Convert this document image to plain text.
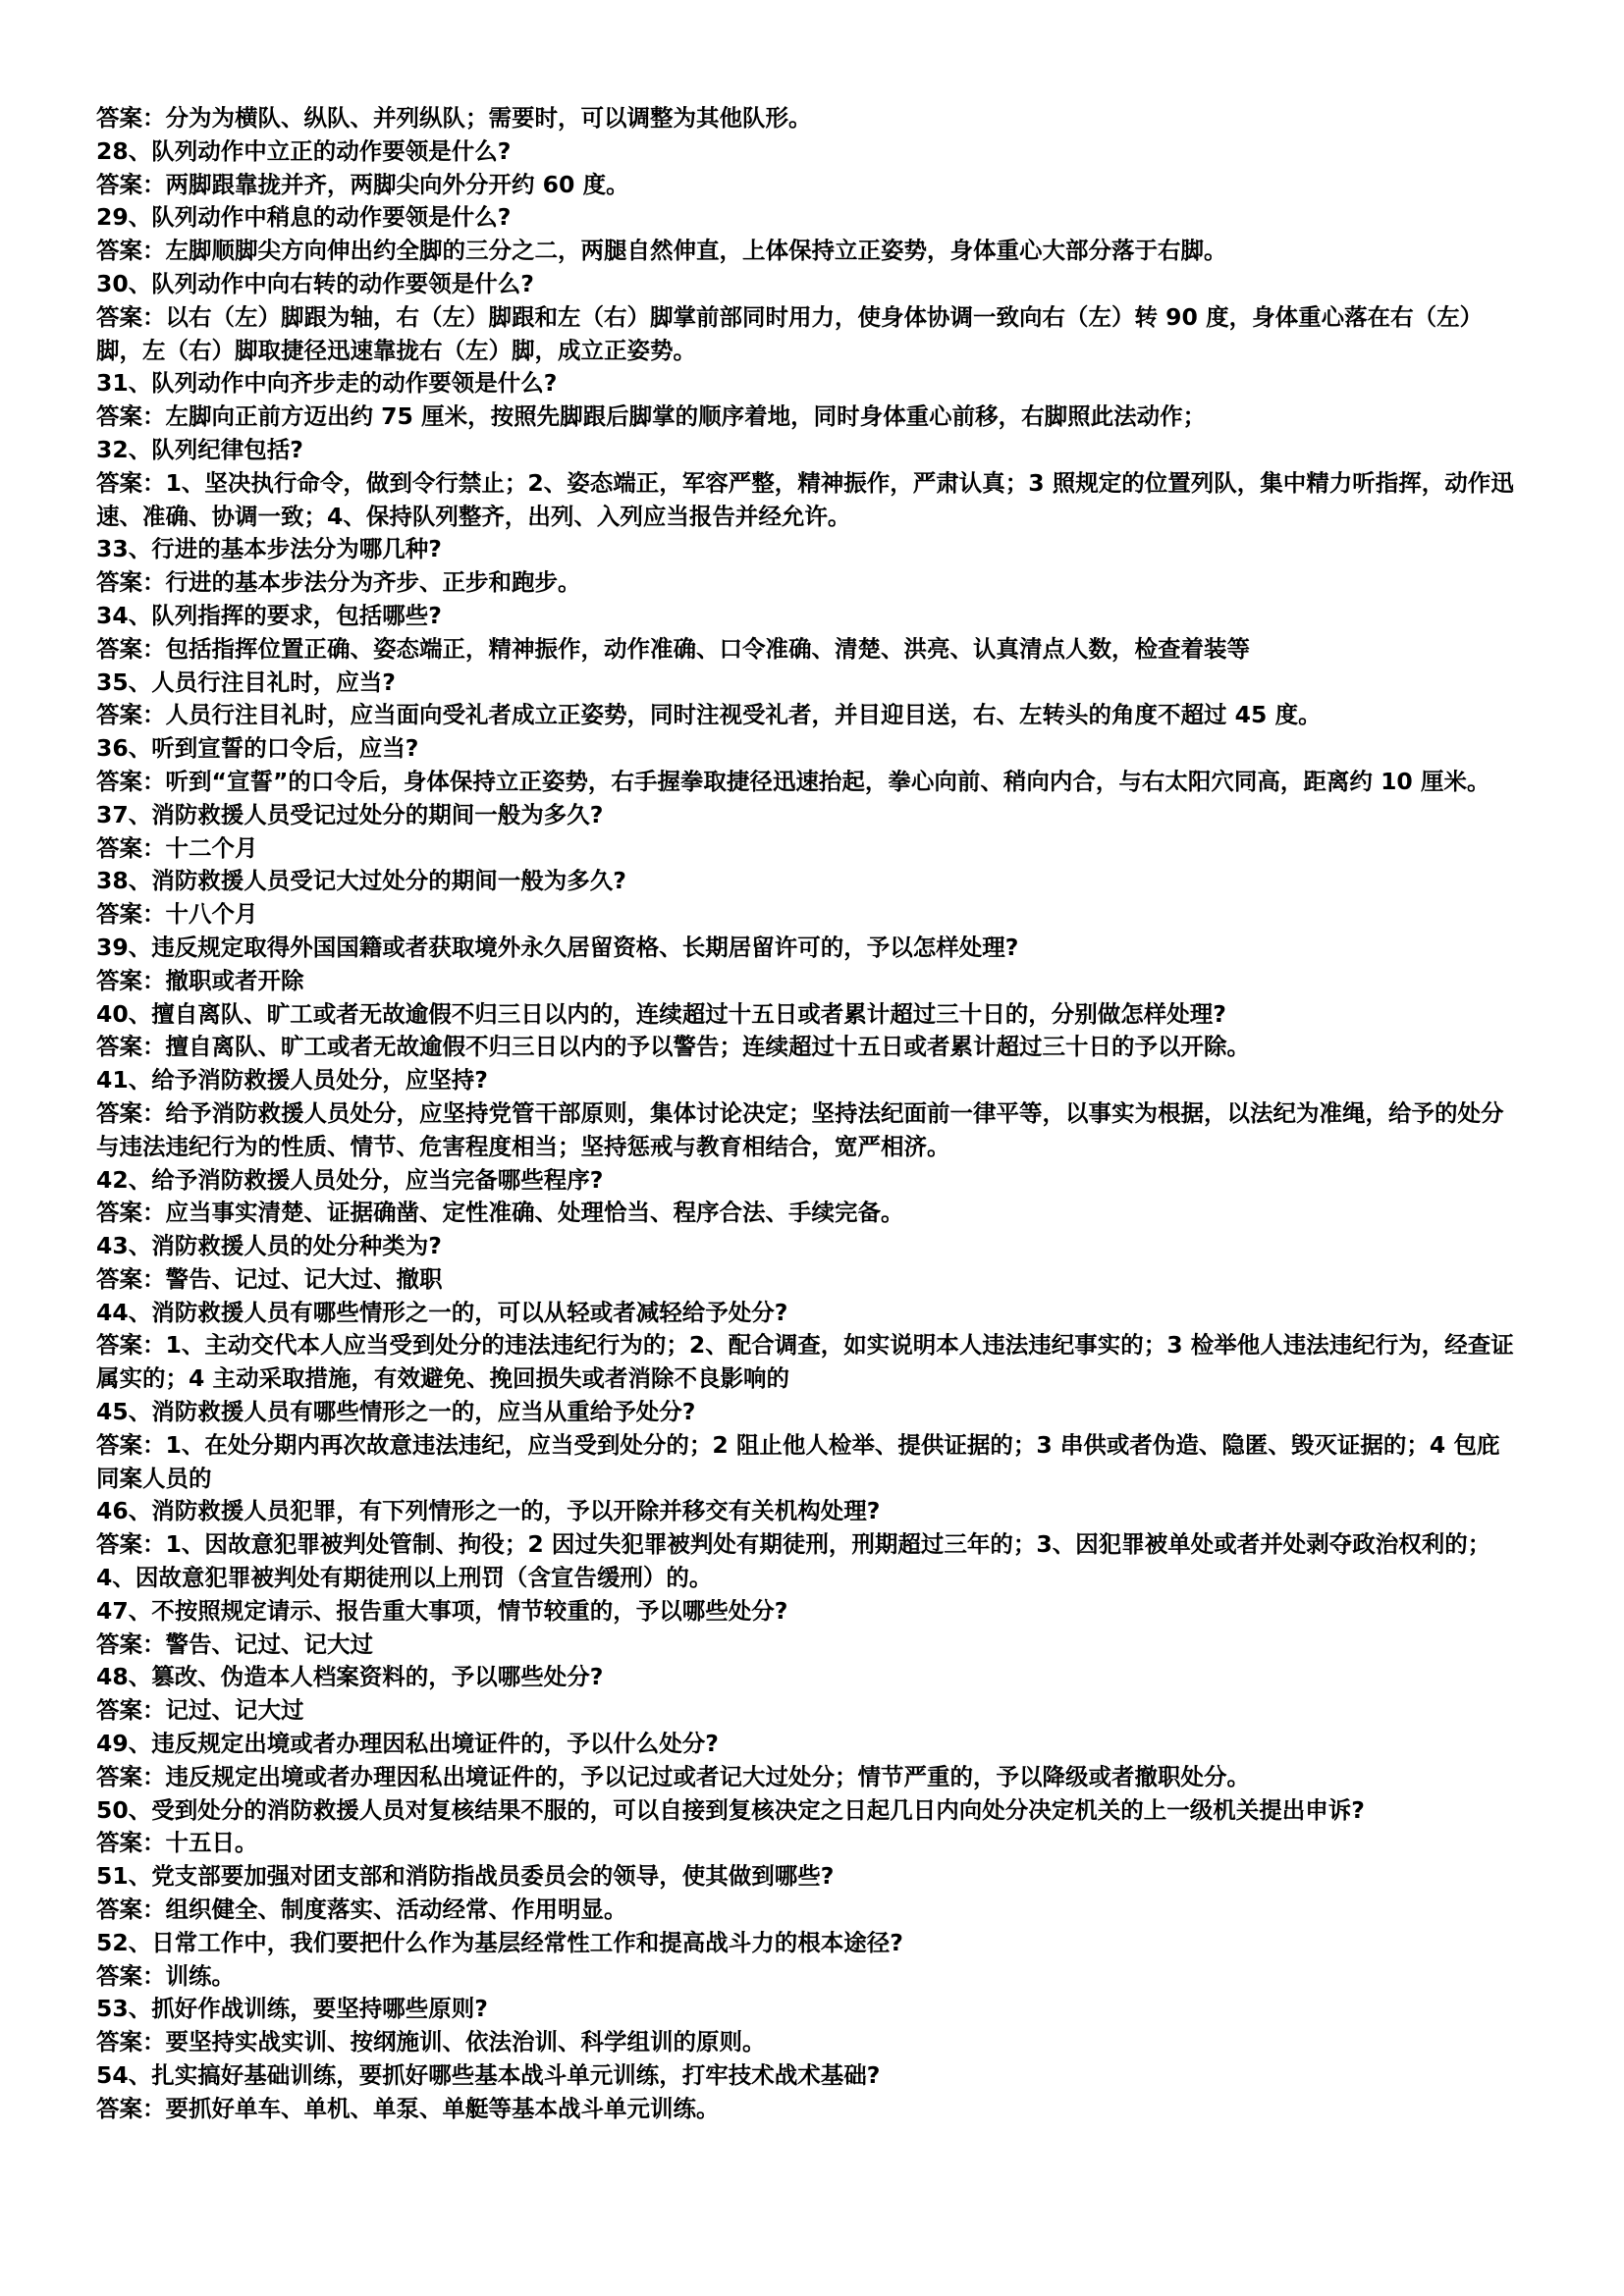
答案：分为为横队、纵队、并列纵队；需要时，可以调整为其他队形。
28、队列动作中立正的动作要领是什么?
答案：两脚跟靠拢并齐，两脚尖向外分开约 60 度。
29、队列动作中稍息的动作要领是什么?
答案：左脚顺脚尖方向伸出约全脚的三分之二，两腿自然伸直，上体保持立正姿势，身体重心大部分落于右脚。
30、队列动作中向右转的动作要领是什么?
答案：以右（左）脚跟为轴，右（左）脚跟和左（右）脚掌前部同时用力，使身体协调一致向右（左）转 90 度，身体重心落在右（左）脚，左（右）脚取捷径迅速靠拢右（左）脚，成立正姿势。
31、队列动作中向齐步走的动作要领是什么?
答案：左脚向正前方迈出约 75 厘米，按照先脚跟后脚掌的顺序着地，同时身体重心前移，右脚照此法动作；
32、队列纪律包括?
答案：1、坚决执行命令，做到令行禁止；2、姿态端正，军容严整，精神振作，严肃认真；3 照规定的位置列队，集中精力听指挥，动作迅速、准确、协调一致；4、保持队列整齐，出列、入列应当报告并经允许。
33、行进的基本步法分为哪几种?
答案：行进的基本步法分为齐步、正步和跑步。
34、队列指挥的要求，包括哪些?
答案：包括指挥位置正确、姿态端正，精神振作，动作准确、口令准确、清楚、洪亮、认真清点人数，检查着装等
35、人员行注目礼时，应当?
答案：人员行注目礼时，应当面向受礼者成立正姿势，同时注视受礼者，并目迎目送，右、左转头的角度不超过 45 度。
36、听到宣誓的口令后，应当?
答案：听到“宣誓”的口令后，身体保持立正姿势，右手握拳取捷径迅速抬起，拳心向前、稍向内合，与右太阳穴同高，距离约 10 厘米。
37、消防救援人员受记过处分的期间一般为多久?
答案：十二个月
38、消防救援人员受记大过处分的期间一般为多久?
答案：十八个月
39、违反规定取得外国国籍或者获取境外永久居留资格、长期居留许可的，予以怎样处理?
答案：撤职或者开除
40、擅自离队、旷工或者无故逾假不归三日以内的，连续超过十五日或者累计超过三十日的，分别做怎样处理?
答案：擅自离队、旷工或者无故逾假不归三日以内的予以警告；连续超过十五日或者累计超过三十日的予以开除。
41、给予消防救援人员处分，应坚持?
答案：给予消防救援人员处分，应坚持党管干部原则，集体讨论决定；坚持法纪面前一律平等，以事实为根据，以法纪为准绳，给予的处分与违法违纪行为的性质、情节、危害程度相当；坚持惩戒与教育相结合，宽严相济。
42、给予消防救援人员处分，应当完备哪些程序?
答案：应当事实清楚、证据确凿、定性准确、处理恰当、程序合法、手续完备。
43、消防救援人员的处分种类为?
答案：警告、记过、记大过、撤职
44、消防救援人员有哪些情形之一的，可以从轻或者减轻给予处分?
答案：1、主动交代本人应当受到处分的违法违纪行为的；2、配合调查，如实说明本人违法违纪事实的；3 检举他人违法违纪行为，经查证属实的；4 主动采取措施，有效避免、挽回损失或者消除不良影响的
45、消防救援人员有哪些情形之一的，应当从重给予处分?
答案：1、在处分期内再次故意违法违纪，应当受到处分的；2 阻止他人检举、提供证据的；3 串供或者伪造、隐匿、毁灭证据的；4 包庇同案人员的
46、消防救援人员犯罪，有下列情形之一的，予以开除并移交有关机构处理?
答案：1、因故意犯罪被判处管制、拘役；2 因过失犯罪被判处有期徒刑，刑期超过三年的；3、因犯罪被单处或者并处剥夺政治权利的；4、因故意犯罪被判处有期徒刑以上刑罚（含宣告缓刑）的。
47、不按照规定请示、报告重大事项，情节较重的，予以哪些处分?
答案：警告、记过、记大过
48、篡改、伪造本人档案资料的，予以哪些处分?
答案：记过、记大过
49、违反规定出境或者办理因私出境证件的，予以什么处分?
答案：违反规定出境或者办理因私出境证件的，予以记过或者记大过处分；情节严重的，予以降级或者撤职处分。
50、受到处分的消防救援人员对复核结果不服的，可以自接到复核决定之日起几日内向处分决定机关的上一级机关提出申诉?
答案：十五日。
51、党支部要加强对团支部和消防指战员委员会的领导，使其做到哪些?
答案：组织健全、制度落实、活动经常、作用明显。
52、日常工作中，我们要把什么作为基层经常性工作和提高战斗力的根本途径?
答案：训练。
53、抓好作战训练，要坚持哪些原则?
答案：要坚持实战实训、按纲施训、依法治训、科学组训的原则。
54、扎实搞好基础训练，要抓好哪些基本战斗单元训练，打牢技术战术基础?
答案：要抓好单车、单机、单泵、单艇等基本战斗单元训练。
